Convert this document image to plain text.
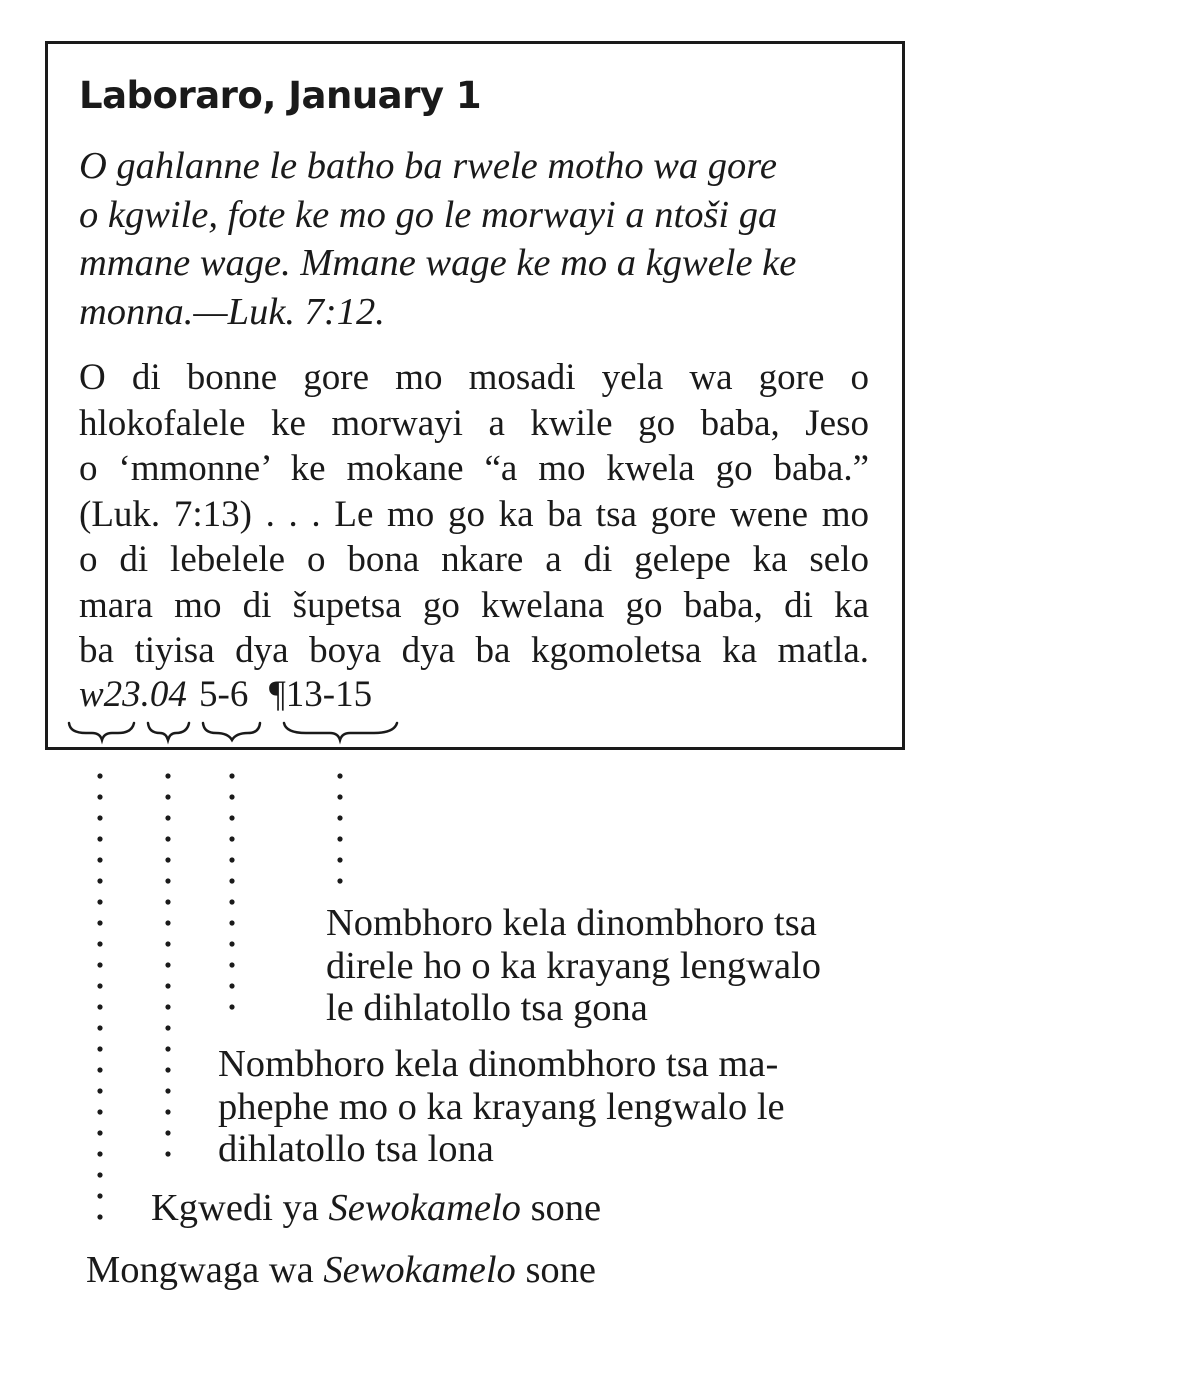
Laboraro, January 1
O gahlanne le batho ba rwele motho wa gore
o kgwile, fote ke mo go le morwayi a ntoši ga
mmane wage. Mmane wage ke mo a kgwele ke
monna.—Luk. 7:12.
O di bonne gore mo mosadi yela wa gore o
hlokofalele ke morwayi a kwile go baba, Jeso
o ‘mmonne’ ke mokane “a mo kwela go baba.”
(Luk. 7:13) . . . Le mo go ka ba tsa gore wene mo
o di lebelele o bona nkare a di gelepe ka selo
mara mo di šupetsa go kwelana go baba, di ka
ba tiyisa dya boya dya ba kgomoletsa ka matla.
w23.04 5-6 ¶13-15
Nombhoro kela dinombhoro tsa
direle ho o ka krayang lengwalo
le dihlatollo tsa gona
Nombhoro kela dinombhoro tsa ma-
phephe mo o ka krayang lengwalo le
dihlatollo tsa lona
Kgwedi ya Sewokamelo sone
Mongwaga wa Sewokamelo sone
